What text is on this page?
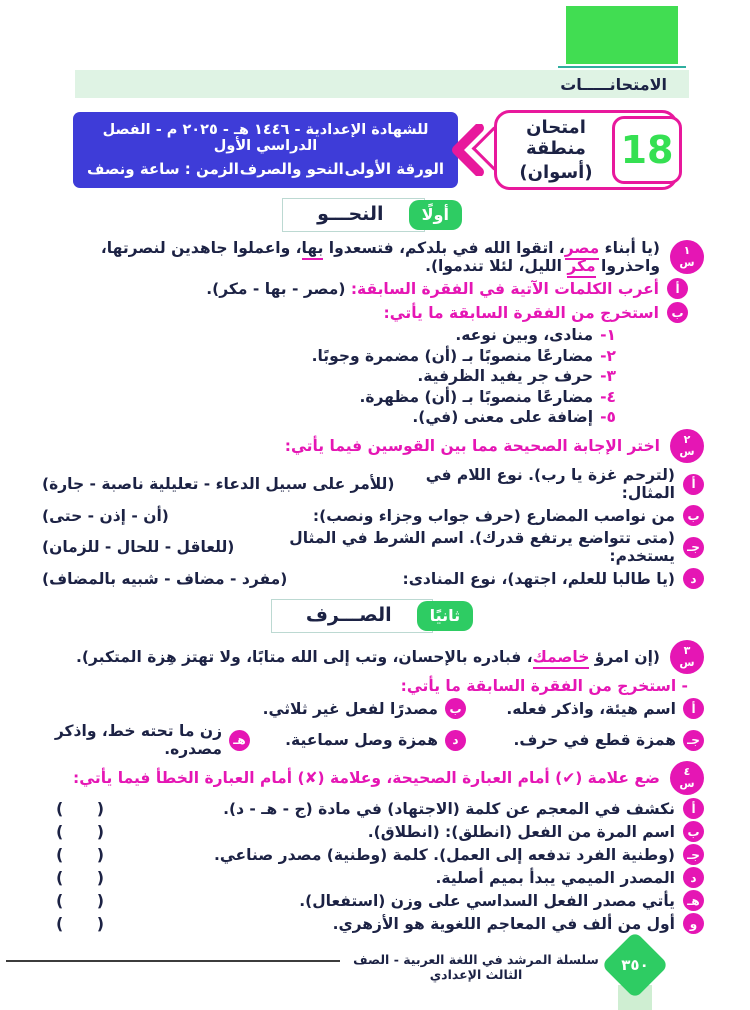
الامتحانـــــات
للشهادة الإعدادية - ١٤٤٦ هـ - ٢٠٢٥ م - الفصل الدراسي الأول
الورقة الأولى
النحو والصرف
الزمن : ساعة ونصف
امتحان منطقة
(أسوان)
18
أولًا
النحـــو
١
س
(يا أبناء مصر، اتقوا الله في بلدكم، فتسعدوا بها، واعملوا جاهدين لنصرتها، واحذروا مكر الليل، لئلا تندموا).
أ
أعرب الكلمات الآتية في الفقرة السابقة: (مصر - بها - مكر).
ب
استخرج من الفقرة السابقة ما يأتي:
١-
منادى، وبين نوعه.
٢-
مضارعًا منصوبًا بـ (أن) مضمرة وجوبًا.
٣-
حرف جر يفيد الظرفية.
٤-
مضارعًا منصوبًا بـ (أن) مظهرة.
٥-
إضافة على معنى (في).
٢
س
اختر الإجابة الصحيحة مما بين القوسين فيما يأتي:
أ
(لترحم غزة يا رب). نوع اللام في المثال:
(للأمر على سبيل الدعاء - تعليلية ناصبة - جارة)
ب
من نواصب المضارع (حرف جواب وجزاء ونصب):
(أن - إذن - حتى)
جـ
(متى تتواضع يرتفع قدرك). اسم الشرط في المثال يستخدم:
(للعاقل - للحال - للزمان)
د
(يا طالبا للعلم، اجتهد)، نوع المنادى:
(مفرد - مضاف - شبيه بالمضاف)
ثانيًا
الصـــرف
٣
س
(إن امرؤ خاصمك، فبادره بالإحسان، وتب إلى الله متابًا، ولا تهتز هِزة المتكبر).
- استخرج من الفقرة السابقة ما يأتي:
أ
اسم هيئة، واذكر فعله.
ب
مصدرًا لفعل غير ثلاثي.
جـ
همزة قطع في حرف.
د
همزة وصل سماعية.
هـ
زن ما تحته خط، واذكر مصدره.
٤
س
ضع علامة (✔) أمام العبارة الصحيحة، وعلامة (✘) أمام العبارة الخطأ فيما يأتي:
أ
نكشف في المعجم عن كلمة (الاجتهاد) في مادة (ج - هـ - د).
(      )
ب
اسم المرة من الفعل (انطلق): (انطلاق).
(      )
جـ
(وطنية الفرد تدفعه إلى العمل). كلمة (وطنية) مصدر صناعي.
(      )
د
المصدر الميمي يبدأ بميم أصلية.
(      )
هـ
يأتي مصدر الفعل السداسي على وزن (استفعال).
(      )
و
أول من ألف في المعاجم اللغوية هو الأزهري.
(      )
سلسلة المرشد في اللغة العربية - الصف الثالث الإعدادي
٣٥٠
